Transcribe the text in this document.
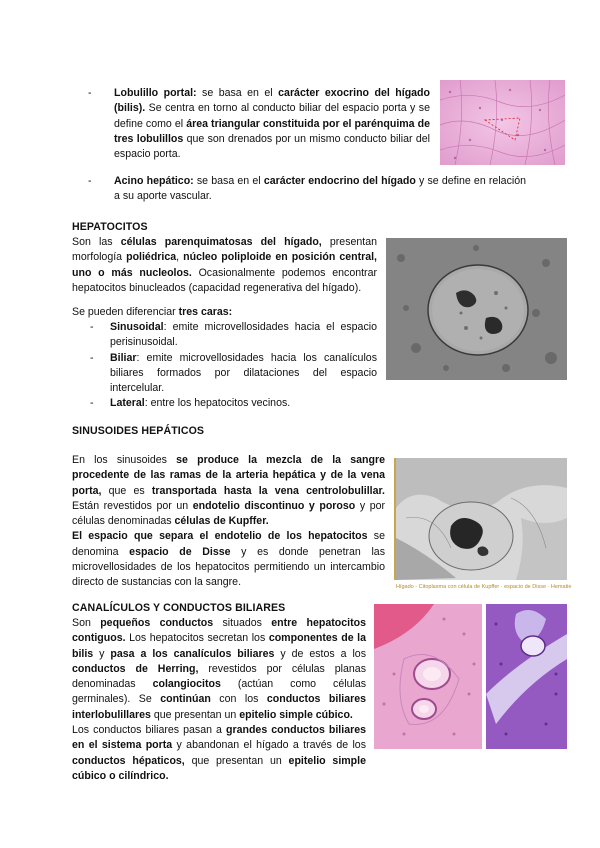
-	Lobulillo portal: se basa en el carácter exocrino del hígado (bilis). Se centra en torno al conducto biliar del espacio porta y se define como el área triangular constituida por el parénquima de tres lobulillos que son drenados por un mismo conducto biliar del espacio porta.
-	Acino hepático: se basa en el carácter endocrino del hígado y se define en relación a su aporte vascular.
HEPATOCITOS
Son las células parenquimatosas del hígado, presentan morfología poliédrica, núcleo poliploide en posición central, uno o más nucleolos. Ocasionalmente podemos encontrar hepatocitos binucleados (capacidad regenerativa del hígado).
Se pueden diferenciar tres caras:
- Sinusoidal: emite microvellosidades hacia el espacio perisinusoidal.
- Biliar: emite microvellosidades hacia los canalículos biliares formados por dilataciones del espacio intercelular.
- Lateral: entre los hepatocitos vecinos.
SINUSOIDES HEPÁTICOS
En los sinusoides se produce la mezcla de la sangre procedente de las ramas de la arteria hepática y de la vena porta, que es transportada hasta la vena centrolobulillar. Están revestidos por un endotelio discontinuo y poroso y por células denominadas células de Kupffer.
El espacio que separa el endotelio de los hepatocitos se denomina espacio de Disse y es donde penetran las microvellosidades de los hepatocitos permitiendo un intercambio directo de sustancias con la sangre.	Hígado - Citoplasma con célula de Kupffer · espacio de Disse · Hematie
CANALÍCULOS Y CONDUCTOS BILIARES
Son pequeños conductos situados entre hepatocitos contiguos. Los hepatocitos secretan los componentes de la bilis y pasa a los canalículos biliares y de estos a los conductos de Herring, revestidos por células planas denominadas colangiocitos (actúan como células germinales). Se continúan con los conductos biliares interlobulillares que presentan un epitelio simple cúbico.
Los conductos biliares pasan a grandes conductos biliares en el sistema porta y abandonan el hígado a través de los conductos hépaticos, que presentan un epitelio simple cúbico o cilíndrico.
